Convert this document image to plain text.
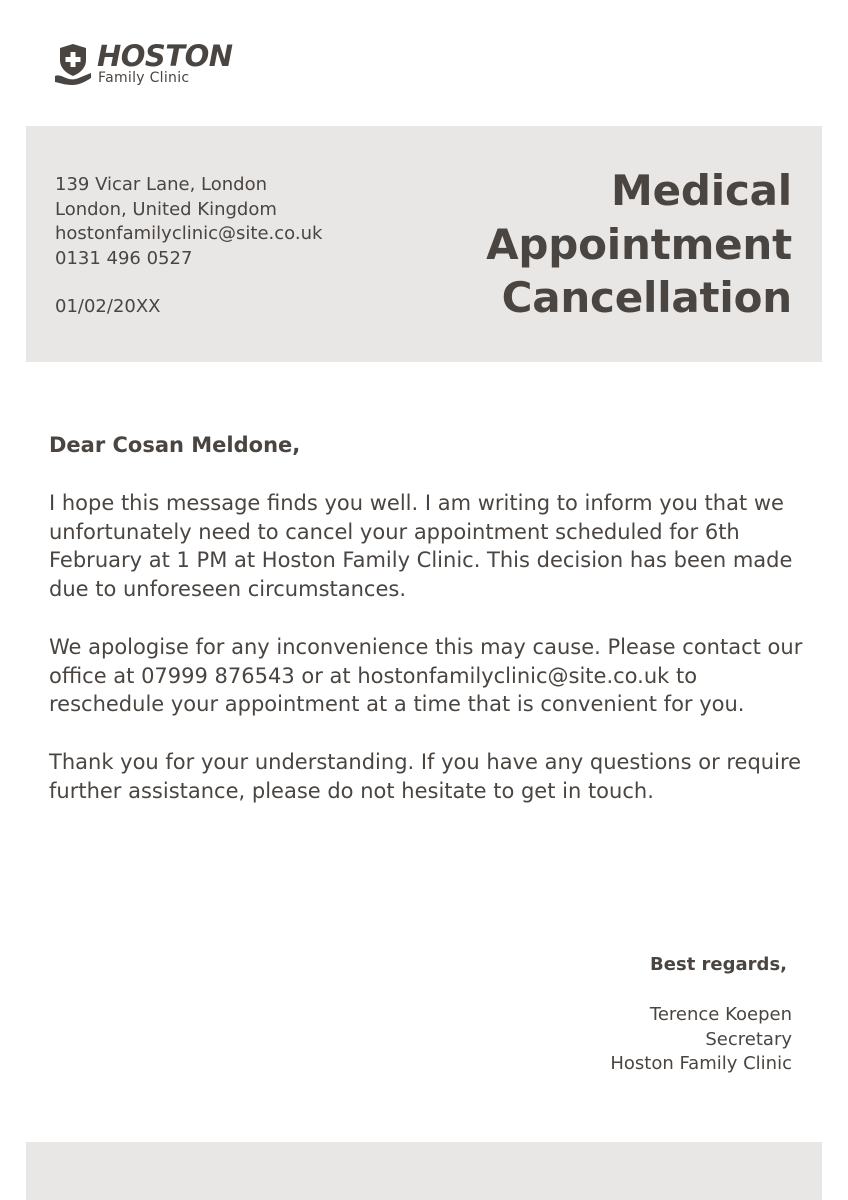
HOSTON
Family Clinic
139 Vicar Lane, London
London, United Kingdom
hostonfamilyclinic@site.co.uk
0131 496 0527
01/02/20XX
Medical
Appointment
Cancellation
Dear Cosan Meldone,

I hope this message finds you well. I am writing to inform you that we unfortunately need to cancel your appointment scheduled for 6th February at 1 PM at Hoston Family Clinic. This decision has been made due to unforeseen circumstances.

We apologise for any inconvenience this may cause. Please contact our office at 07999 876543 or at hostonfamilyclinic@site.co.uk to reschedule your appointment at a time that is convenient for you.

Thank you for your understanding. If you have any questions or require further assistance, please do not hesitate to get in touch.

Best regards,
Terence Koepen
Secretary
Hoston Family Clinic
